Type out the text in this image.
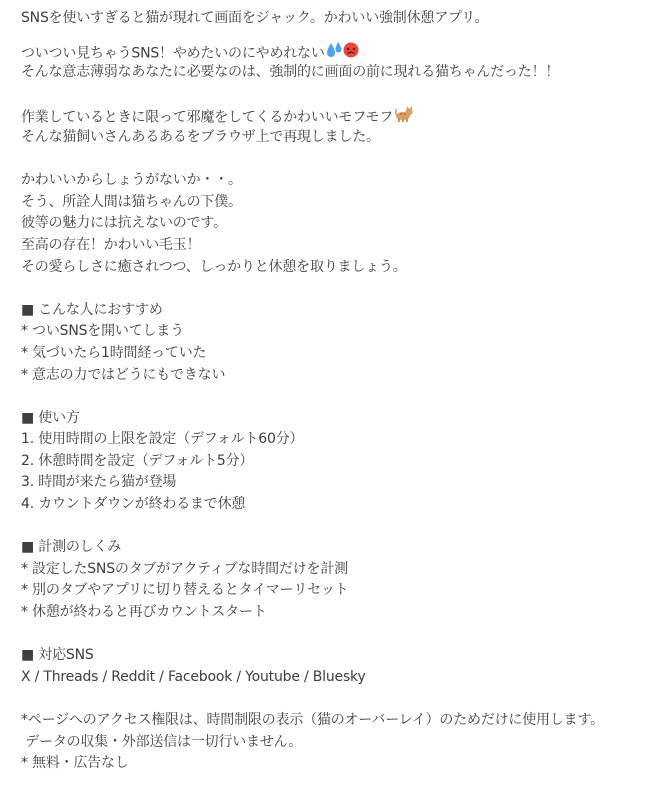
SNSを使いすぎると猫が現れて画面をジャック。かわいい強制休憩アプリ。
ついつい見ちゃうSNS！やめたいのにやめれない
そんな意志薄弱なあなたに必要なのは、強制的に画面の前に現れる猫ちゃんだった！！
作業しているときに限って邪魔をしてくるかわいいモフモフ
そんな猫飼いさんあるあるをブラウザ上で再現しました。
かわいいからしょうがないか・・。
そう、所詮人間は猫ちゃんの下僕。
彼等の魅力には抗えないのです。
至高の存在！かわいい毛玉！
その愛らしさに癒されつつ、しっかりと休憩を取りましょう。
■ こんな人におすすめ
* ついSNSを開いてしまう
* 気づいたら1時間経っていた
* 意志の力ではどうにもできない
■ 使い方
1. 使用時間の上限を設定（デフォルト60分）
2. 休憩時間を設定（デフォルト5分）
3. 時間が来たら猫が登場
4. カウントダウンが終わるまで休憩
■ 計測のしくみ
* 設定したSNSのタブがアクティブな時間だけを計測
* 別のタブやアプリに切り替えるとタイマーリセット
* 休憩が終わると再びカウントスタート
■ 対応SNS
X / Threads / Reddit / Facebook / Youtube / Bluesky
*ページへのアクセス権限は、時間制限の表示（猫のオーバーレイ）のためだけに使用します。
データの収集・外部送信は一切行いません。
* 無料・広告なし
